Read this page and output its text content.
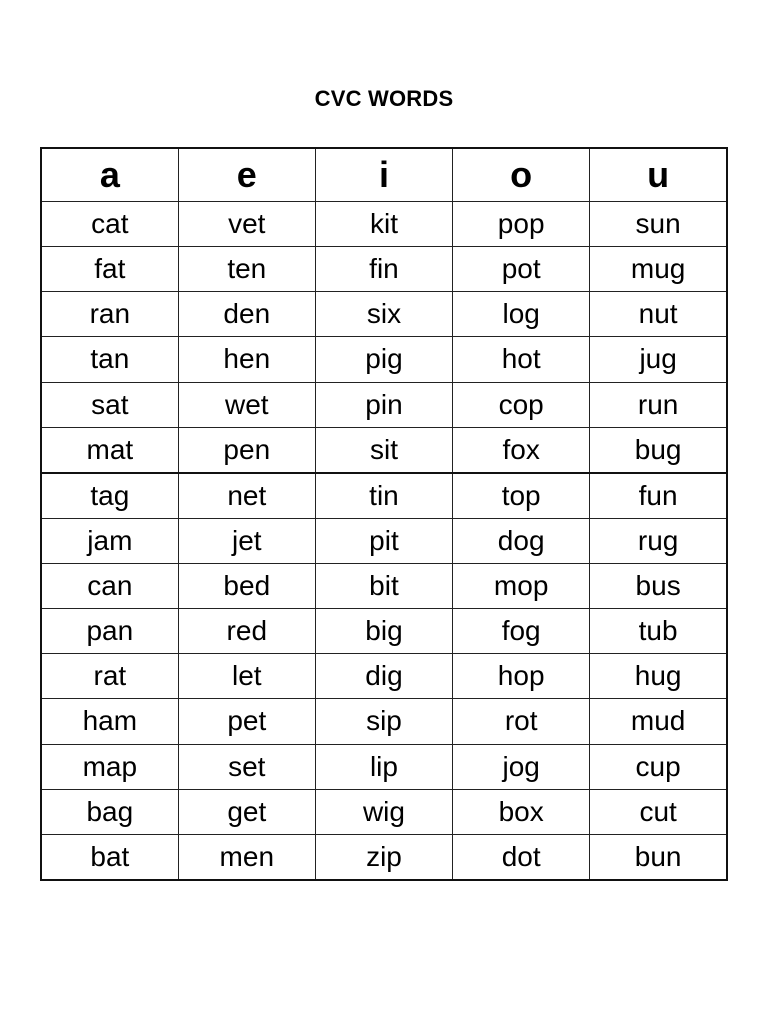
CVC WORDS
a	e	i	o	u
cat	vet	kit	pop	sun
fat	ten	fin	pot	mug
ran	den	six	log	nut
tan	hen	pig	hot	jug
sat	wet	pin	cop	run
mat	pen	sit	fox	bug
tag	net	tin	top	fun
jam	jet	pit	dog	rug
can	bed	bit	mop	bus
pan	red	big	fog	tub
rat	let	dig	hop	hug
ham	pet	sip	rot	mud
map	set	lip	jog	cup
bag	get	wig	box	cut
bat	men	zip	dot	bun
